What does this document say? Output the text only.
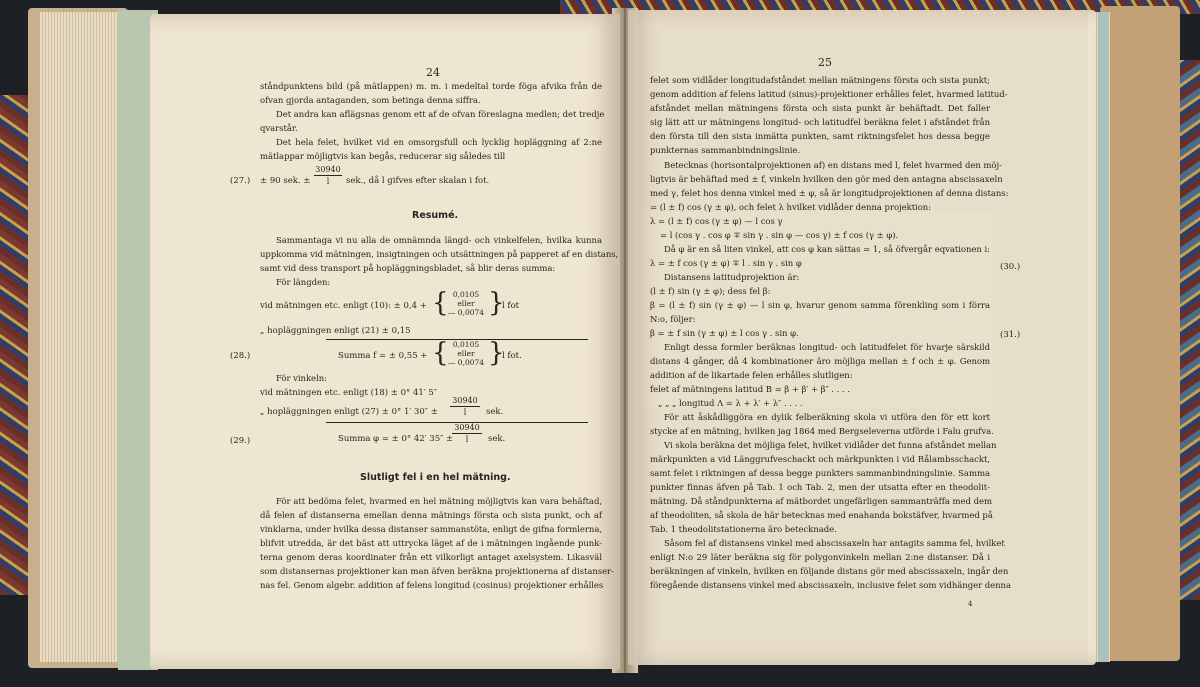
24
ståndpunktens bild (på mätlappen) m. m. i medeltal torde föga afvika från de
ofvan gjorda antaganden, som betinga denna siffra.
Det andra kan aflägsnas genom ett af de ofvan föreslagna medlen; det tredje
qvarstår.
Det hela felet, hvilket vid en omsorgsfull och lycklig hopläggning af 2:ne
mätlappar möjligtvis kan begås, reducerar sig således till
(27.) ± 90 sek. ±
30940
l	sek., då l gifves efter skalan i fot.
Resumé.
Sammantaga vi nu alla de omnämnda längd- och vinkelfelen, hvilka kunna
uppkomma vid mätningen, insigtningen och utsättningen på papperet af en distans,
samt vid dess transport på hopläggningsbladet, så blir deras summa:
För längden:
vid mätningen etc. enligt (10): ± 0,4 + { 0,0105
eller
— 0,0074 }
l fot
„ hopläggningen enligt (21) ± 0,15
(28.)	Summa f = ± 0,55 + { 0,0105
eller
— 0,0074 }
l fot.
För vinkeln:
vid mätningen etc. enligt (18) ± 0° 41′ 5″
„ hopläggningen enligt (27) ± 0° 1′ 30″ ±
30940
l	sek.
(29.)	Summa φ = ± 0° 42′ 35″ ±
30940
l	sek.
Slutligt fel i en hel mätning.
För att bedöma felet, hvarmed en hel mätning möjligtvis kan vara behäftad,
då felen af distanserna emellan denna mätnings första och sista punkt, och af
vinklarna, under hvilka dessa distanser sammanstöta, enligt de gifna formlerna,
blifvit utredda, är det bäst att uttrycka läget af de i mätningen ingående punk-
terna genom deras koordinater från ett vilkorligt antaget axelsystem. Likasväl
som distansernas projektioner kan man äfven beräkna projektionerna af distanser-
nas fel. Genom algebr. addition af felens longitud (cosinus) projektioner erhålles
25
felet som vidlåder longitudafståndet mellan mätningens första och sista punkt;
genom addition af felens latitud (sinus)-projektioner erhålles felet, hvarmed latitud-
afståndet mellan mätningens första och sista punkt är behäftadt. Det faller
sig lätt att ur mätningens longitud- och latitudfel beräkna felet i afståndet från
den första till den sista inmätta punkten, samt riktningsfelet hos dessa begge
punkternas sammanbindningslinie.
Betecknas (horisontalprojektionen af) en distans med l, felet hvarmed den möj-
ligtvis är behäftad med ± f, vinkeln hvilken den gör med den antagna abscissaxeln
med γ, felet hos denna vinkel med ± φ, så är longitudprojektionen af denna distans:
= (l ± f) cos (γ ± φ), och felet λ hvilket vidlåder denna projektion:
λ = (l ± f) cos (γ ± φ) — l cos γ
= l (cos γ . cos φ ∓ sin γ . sin φ — cos γ) ± f cos (γ ± φ).
Då φ är en så liten vinkel, att cos φ kan sättas = 1, så öfvergår eqvationen i:
λ = ± f cos (γ ± φ) ∓ l . sin γ . sin φ
Distansens latitudprojektion är:
(l ± f) sin (γ ± φ); dess fel β:
β = (l ± f) sin (γ ± φ) — l sin φ, hvarur genom samma förenkling som i förra
N:o, följer:
β = ± f sin (γ ± φ) ± l cos γ . sin φ.
Enligt dessa formler beräknas longitud- och latitudfelet för hvarje särskild
distans 4 gånger, då 4 kombinationer äro möjliga mellan ± f och ± φ. Genom
addition af de likartade felen erhålles slutligen:
felet af mätningens latitud B = β + β′ + β″ . . . .
„ „ „ longitud Λ = λ + λ′ + λ″ . . . .
För att åskådliggöra en dylik felberäkning skola vi utföra den för ett kort
stycke af en mätning, hvilken jag 1864 med Bergseleverna utförde i Falu grufva.
Vi skola beräkna det möjliga felet, hvilket vidlåder det funna afståndet mellan
märkpunkten a vid Länggrufveschackt och märkpunkten i vid Rålambsschackt,
samt felet i riktningen af dessa begge punkters sammanbindningslinie. Samma
punkter finnas äfven på Tab. 1 och Tab. 2, men der utsatta efter en theodolit-
mätning. Då ståndpunkterna af mätbordet ungefärligen sammanträffa med dem
af theodoliten, så skola de här betecknas med enahanda bokstäfver, hvarmed på
Tab. 1 theodolitstationerna äro betecknade.
Såsom fel af distansens vinkel med abscissaxeln har antagits samma fel, hvilket
enligt N:o 29 läter beräkna sig för polygonvinkeln mellan 2:ne distanser. Då i
beräkningen af vinkeln, hvilken en följande distans gör med abscissaxeln, ingår den
föregående distansens vinkel med abscissaxeln, inclusive felet som vidhänger denna
(30.)
(31.)
4
